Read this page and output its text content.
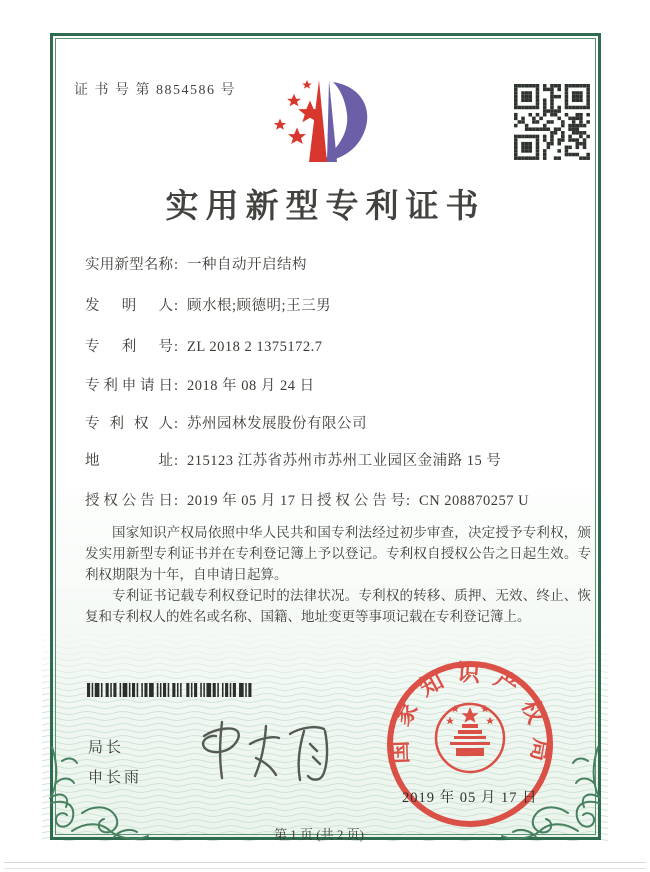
证 书 号 第 8854586 号
实用新型专利证书
实用新型名称: 一种自动开启结构
发明人: 顾水根;顾德明;王三男
专利号: ZL 2018 2 1375172.7
专利申请日: 2018 年 08 月 24 日
专利权人: 苏州园林发展股份有限公司
地址: 215123 江苏省苏州市苏州工业园区金浦路 15 号
授权公告日: 2019 年 05 月 17 日 授权公告号: CN 208870257 U

国家知识产权局依照中华人民共和国专利法经过初步审查，决定授予专利权，颁发实用新型专利证书并在专利登记簿上予以登记。专利权自授权公告之日起生效。专利权期限为十年，自申请日起算。

专利证书记载专利权登记时的法律状况。专利权的转移、质押、无效、终止、恢复和专利权人的姓名或名称、国籍、地址变更等事项记载在专利登记簿上。

局长
申长雨
国家知识产权局
2019 年 05 月 17 日
第 1 页 (共 2 页)
